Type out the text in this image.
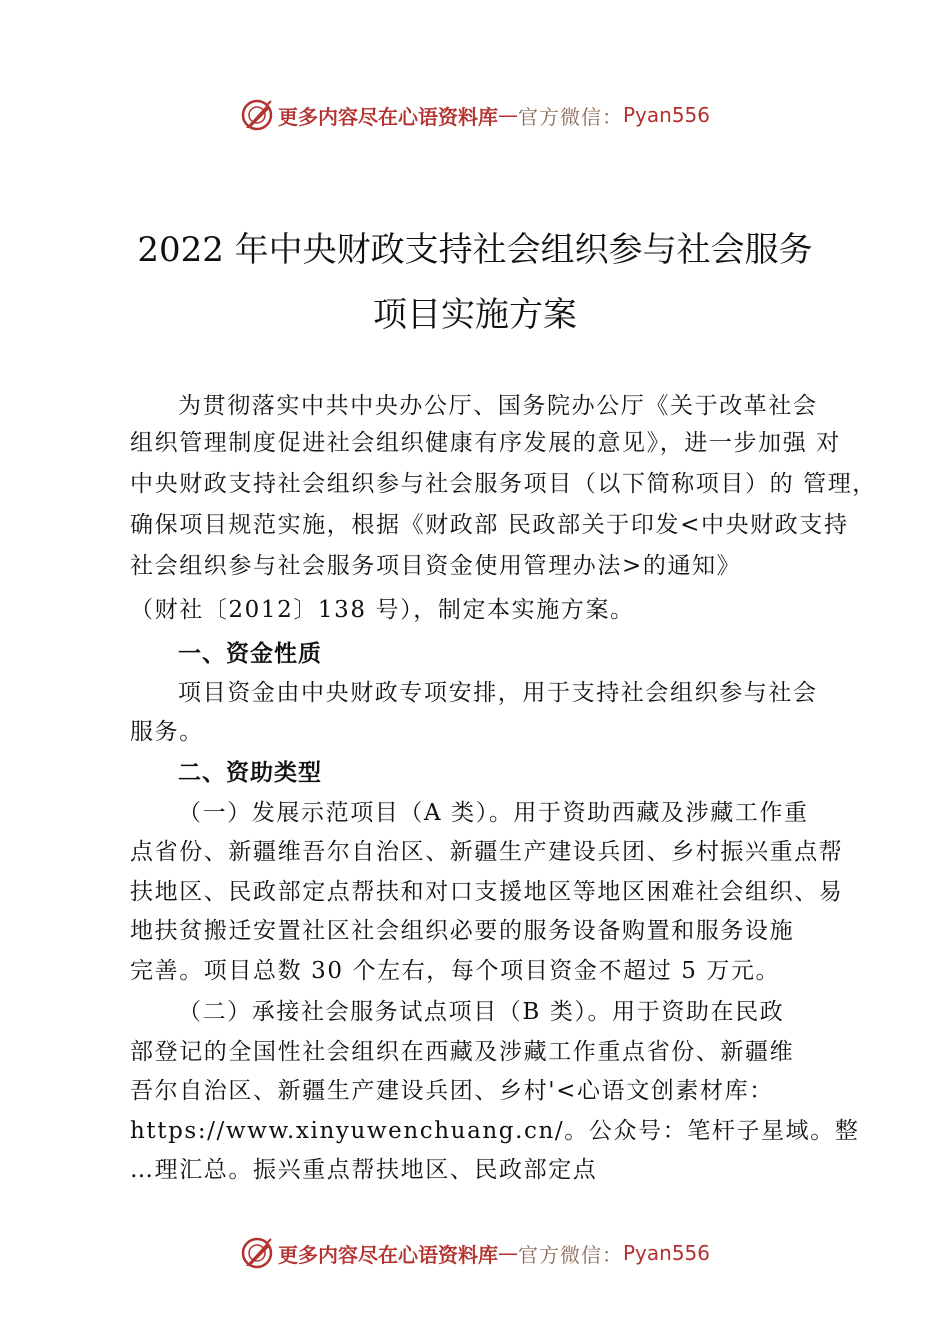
更多内容尽在心语资料库 — 官方微信： Pyan556
2022 年中央财政支持社会组织参与社会服务
项目实施方案
为贯彻落实中共中央办公厅、国务院办公厅《关于改革社会
组织管理制度促进社会组织健康有序发展的意见》，进一步加强 对
中央财政支持社会组织参与社会服务项目（以下简称项目）的 管理，
确保项目规范实施，根据《财政部 民政部关于印发<中央财政支持
社会组织参与社会服务项目资金使用管理办法>的通知》
（财社〔2012〕138 号），制定本实施方案。
一、资金性质
项目资金由中央财政专项安排，用于支持社会组织参与社会
服务。
二、资助类型
（一）发展示范项目（A 类）。用于资助西藏及涉藏工作重
点省份、新疆维吾尔自治区、新疆生产建设兵团、乡村振兴重点帮
扶地区、民政部定点帮扶和对口支援地区等地区困难社会组织、易
地扶贫搬迁安置社区社会组织必要的服务设备购置和服务设施
完善。项目总数 30 个左右，每个项目资金不超过 5 万元。
（二）承接社会服务试点项目（B 类）。用于资助在民政
部登记的全国性社会组织在西藏及涉藏工作重点省份、新疆维
吾尔自治区、新疆生产建设兵团、乡村'<心语文创素材库：
https://www.xinyuwenchuang.cn/。公众号：笔杆子星域。整
…理汇总。振兴重点帮扶地区、民政部定点
更多内容尽在心语资料库 — 官方微信： Pyan556
